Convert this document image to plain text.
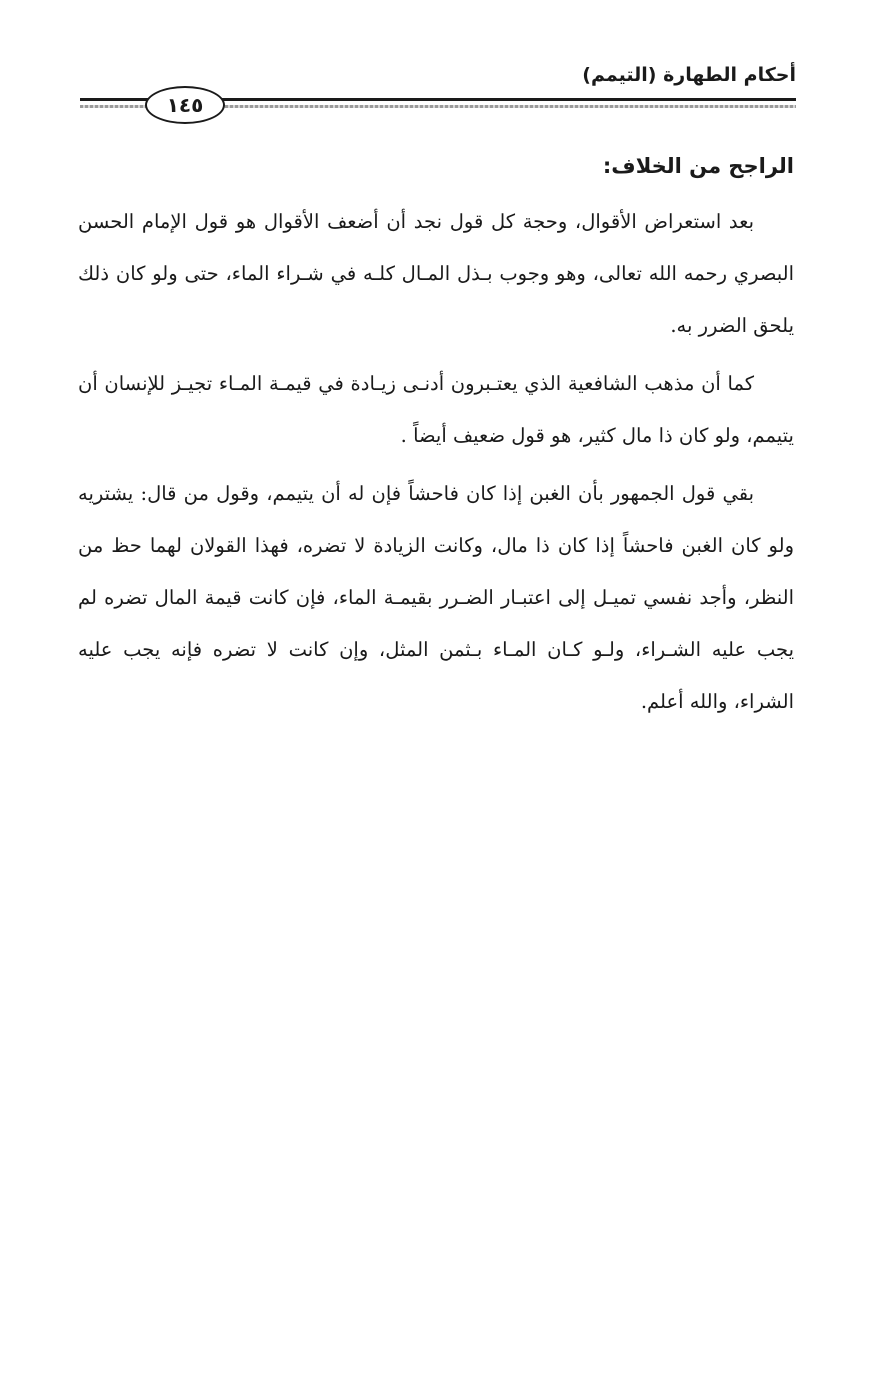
أحكام الطهارة (التيمم)
١٤٥
الراجح من الخلاف:

بعد استعراض الأقوال، وحجة كل قول نجد أن أضعف الأقوال هو قول الإمام الحسن البصري رحمه الله تعالى، وهو وجوب بـذل المـال كلـه في شـراء الماء، حتى ولو كان ذلك يلحق الضرر به.

كما أن مذهب الشافعية الذي يعتـبرون أدنـى زيـادة في قيمـة المـاء تجيـز للإنسان أن يتيمم، ولو كان ذا مال كثير، هو قول ضعيف أيضاً .

بقي قول الجمهور بأن الغبن إذا كان فاحشاً فإن له أن يتيمم، وقول من قال: يشتريه ولو كان الغبن فاحشاً إذا كان ذا مال، وكانت الزيادة لا تضره، فهذا القولان لهما حظ من النظر، وأجد نفسي تميـل إلى اعتبـار الضـرر بقيمـة الماء، فإن كانت قيمة المال تضره لم يجب عليه الشـراء، ولـو كـان المـاء بـثمن المثل، وإن كانت لا تضره فإنه يجب عليه الشراء، والله أعلم.
